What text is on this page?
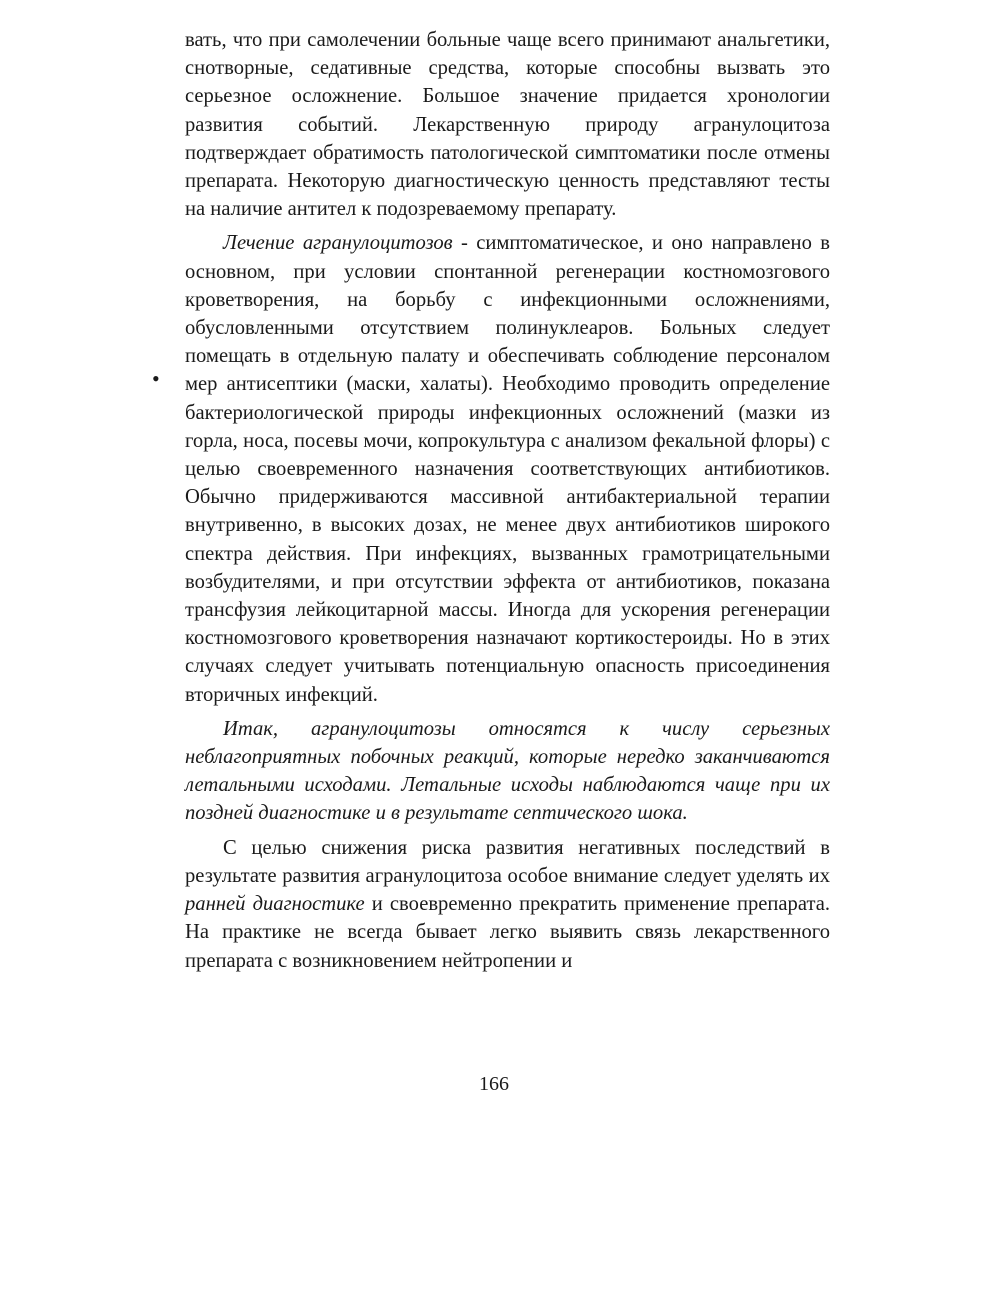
вать, что при самолечении больные чаще всего принимают анальгетики, снотворные, седативные средства, которые способны вызвать это серьезное осложнение. Большое значение придается хронологии развития событий. Лекарственную природу агранулоцитоза подтверждает обратимость патологической симптоматики после отмены препарата. Некоторую диагностическую ценность представляют тесты на наличие антител к подозреваемому препарату.

Лечение агранулоцитозов - симптоматическое, и оно направлено в основном, при условии спонтанной регенерации костномозгового кроветворения, на борьбу с инфекционными осложнениями, обусловленными отсутствием полинуклеаров. Больных следует помещать в отдельную палату и обеспечивать соблюдение персоналом мер антисептики (маски, халаты). Необходимо проводить определение бактериологической природы инфекционных осложнений (мазки из горла, носа, посевы мочи, копрокультура с анализом фекальной флоры) с целью своевременного назначения соответствующих антибиотиков. Обычно придерживаются массивной антибактериальной терапии внутривенно, в высоких дозах, не менее двух антибиотиков широкого спектра действия. При инфекциях, вызванных грамотрицательными возбудителями, и при отсутствии эффекта от антибиотиков, показана трансфузия лейкоцитарной массы. Иногда для ускорения регенерации костномозгового кроветворения назначают кортикостероиды. Но в этих случаях следует учитывать потенциальную опасность присоединения вторичных инфекций.

Итак, агранулоцитозы относятся к числу серьезных неблагоприятных побочных реакций, которые нередко заканчиваются летальными исходами. Летальные исходы наблюдаются чаще при их поздней диагностике и в результате септического шока.

С целью снижения риска развития негативных последствий в результате развития агранулоцитоза особое внимание следует уделять их ранней диагностике и своевременно прекратить применение препарата. На практике не всегда бывает легко выявить связь лекарственного препарата с возникновением нейтропении и

•
166
